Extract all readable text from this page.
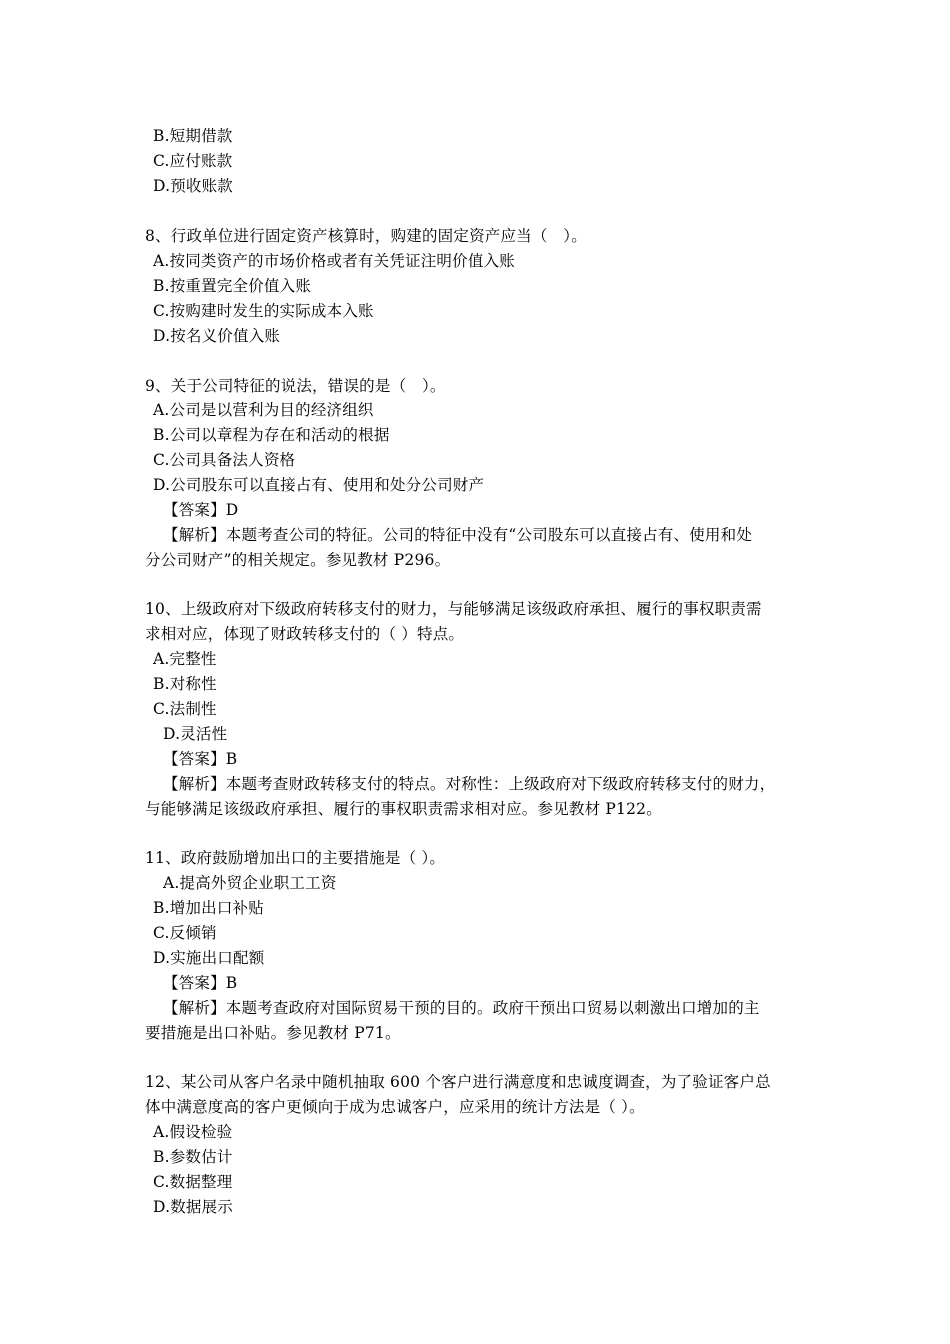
B.短期借款
C.应付账款
D.预收账款
8、行政单位进行固定资产核算时，购建的固定资产应当（　）。
A.按同类资产的市场价格或者有关凭证注明价值入账
B.按重置完全价值入账
C.按购建时发生的实际成本入账
D.按名义价值入账
9、关于公司特征的说法，错误的是（　）。
A.公司是以营利为目的经济组织
B.公司以章程为存在和活动的根据
C.公司具备法人资格
D.公司股东可以直接占有、使用和处分公司财产
【答案】D
【解析】本题考查公司的特征。公司的特征中没有“公司股东可以直接占有、使用和处
分公司财产”的相关规定。参见教材 P296。
10、上级政府对下级政府转移支付的财力，与能够满足该级政府承担、履行的事权职责需
求相对应，体现了财政转移支付的（ ）特点。
A.完整性
B.对称性
C.法制性
D.灵活性
【答案】B
【解析】本题考查财政转移支付的特点。对称性：上级政府对下级政府转移支付的财力，
与能够满足该级政府承担、履行的事权职责需求相对应。参见教材 P122。
11、政府鼓励增加出口的主要措施是（ ）。
A.提高外贸企业职工工资
B.增加出口补贴
C.反倾销
D.实施出口配额
【答案】B
【解析】本题考查政府对国际贸易干预的目的。政府干预出口贸易以刺激出口增加的主
要措施是出口补贴。参见教材 P71。
12、某公司从客户名录中随机抽取 600 个客户进行满意度和忠诚度调查，为了验证客户总
体中满意度高的客户更倾向于成为忠诚客户，应采用的统计方法是（ ）。
A.假设检验
B.参数估计
C.数据整理
D.数据展示
